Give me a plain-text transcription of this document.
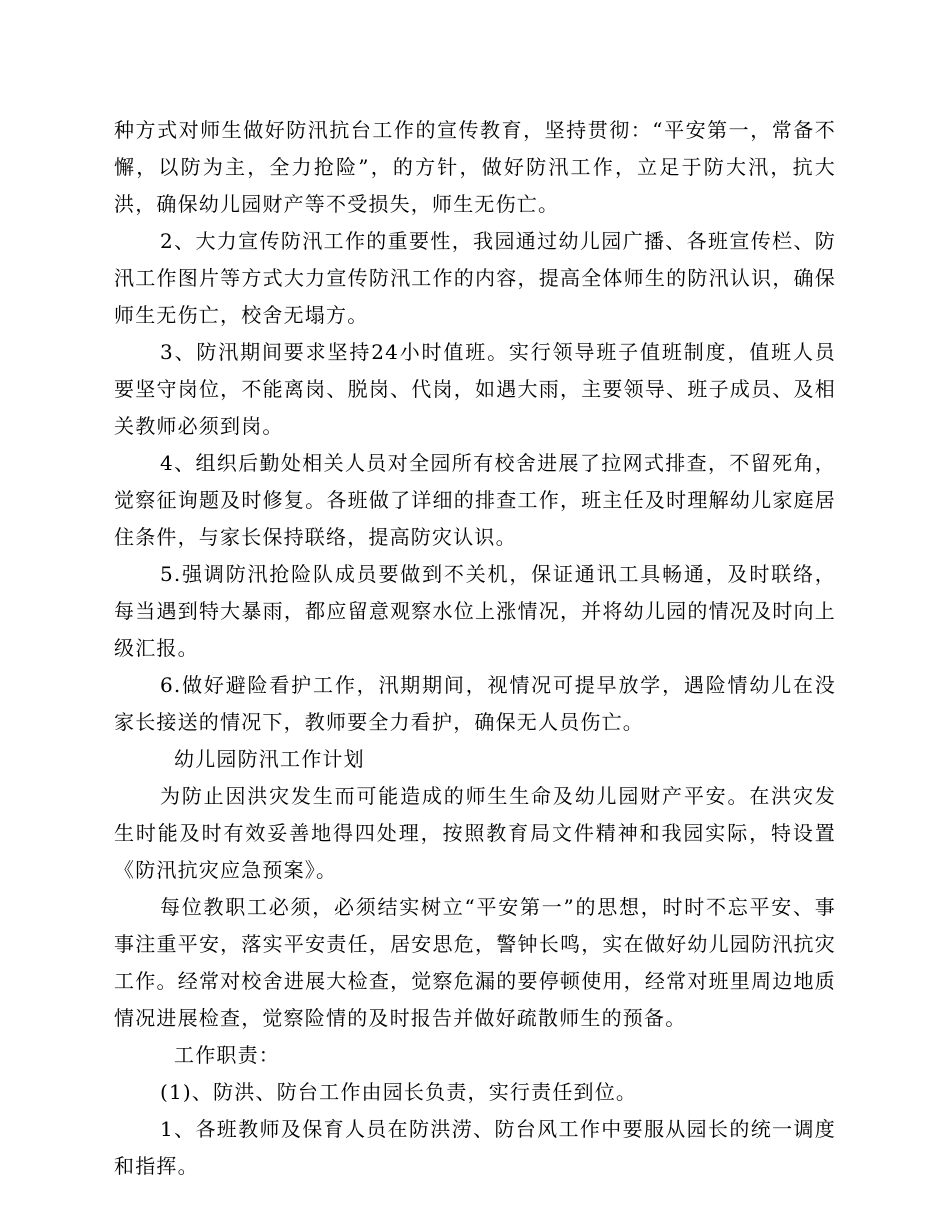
种方式对师生做好防汛抗台工作的宣传教育，坚持贯彻：“平安第一，常备不懈，以防为主，全力抢险”，的方针，做好防汛工作，立足于防大汛，抗大洪，确保幼儿园财产等不受损失，师生无伤亡。

2、大力宣传防汛工作的重要性，我园通过幼儿园广播、各班宣传栏、防汛工作图片等方式大力宣传防汛工作的内容，提高全体师生的防汛认识，确保师生无伤亡，校舍无塌方。

3、防汛期间要求坚持24小时值班。实行领导班子值班制度，值班人员要坚守岗位，不能离岗、脱岗、代岗，如遇大雨，主要领导、班子成员、及相关教师必须到岗。

4、组织后勤处相关人员对全园所有校舍进展了拉网式排查，不留死角，觉察征询题及时修复。各班做了详细的排查工作，班主任及时理解幼儿家庭居住条件，与家长保持联络，提高防灾认识。

5.强调防汛抢险队成员要做到不关机，保证通讯工具畅通，及时联络，每当遇到特大暴雨，都应留意观察水位上涨情况，并将幼儿园的情况及时向上级汇报。

6.做好避险看护工作，汛期期间，视情况可提早放学，遇险情幼儿在没家长接送的情况下，教师要全力看护，确保无人员伤亡。

幼儿园防汛工作计划

为防止因洪灾发生而可能造成的师生生命及幼儿园财产平安。在洪灾发生时能及时有效妥善地得四处理，按照教育局文件精神和我园实际，特设置《防汛抗灾应急预案》。

每位教职工必须，必须结实树立“平安第一”的思想，时时不忘平安、事事注重平安，落实平安责任，居安思危，警钟长鸣，实在做好幼儿园防汛抗灾工作。经常对校舍进展大检查，觉察危漏的要停顿使用，经常对班里周边地质情况进展检查，觉察险情的及时报告并做好疏散师生的预备。

工作职责：

(1)、防洪、防台工作由园长负责，实行责任到位。

1、各班教师及保育人员在防洪涝、防台风工作中要服从园长的统一调度和指挥。
